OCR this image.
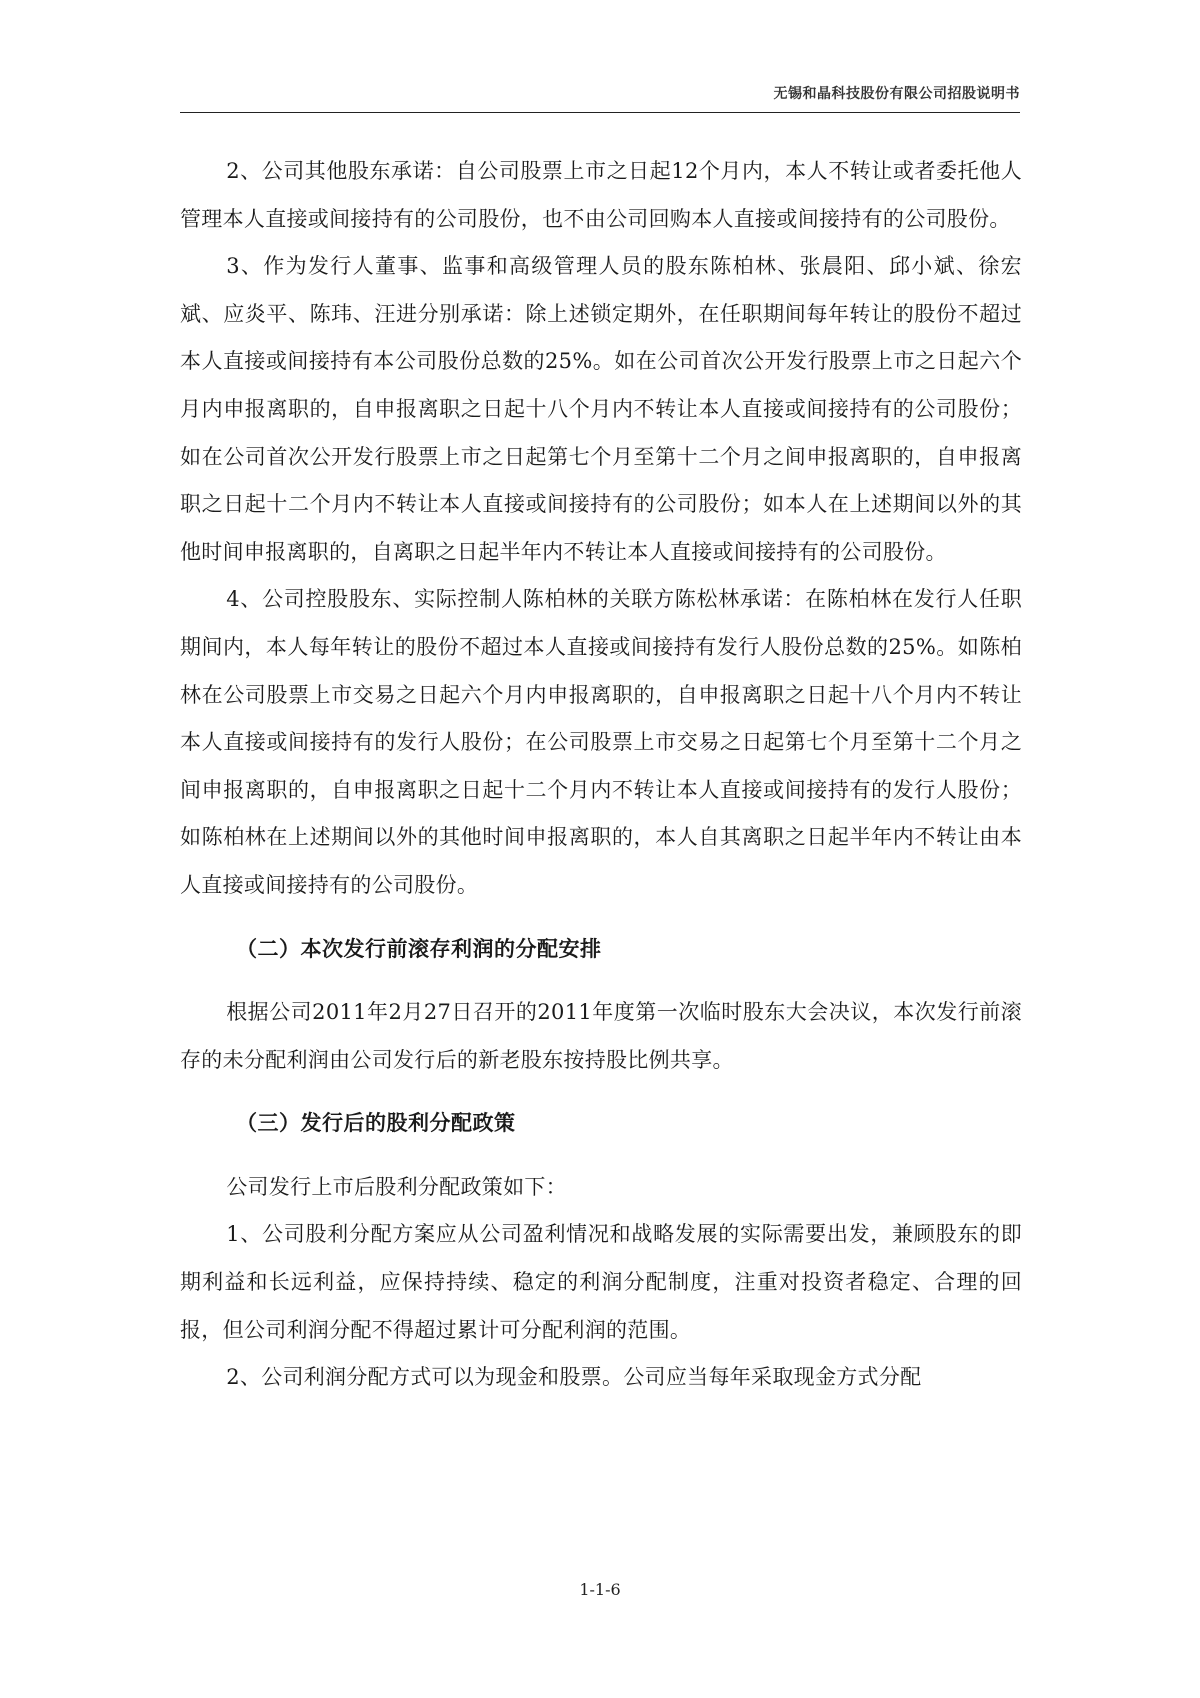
无锡和晶科技股份有限公司招股说明书

2、公司其他股东承诺：自公司股票上市之日起12个月内，本人不转让或者委托他人管理本人直接或间接持有的公司股份，也不由公司回购本人直接或间接持有的公司股份。

3、作为发行人董事、监事和高级管理人员的股东陈柏林、张晨阳、邱小斌、徐宏斌、应炎平、陈玮、汪进分别承诺：除上述锁定期外，在任职期间每年转让的股份不超过本人直接或间接持有本公司股份总数的25%。如在公司首次公开发行股票上市之日起六个月内申报离职的，自申报离职之日起十八个月内不转让本人直接或间接持有的公司股份；如在公司首次公开发行股票上市之日起第七个月至第十二个月之间申报离职的，自申报离职之日起十二个月内不转让本人直接或间接持有的公司股份；如本人在上述期间以外的其他时间申报离职的，自离职之日起半年内不转让本人直接或间接持有的公司股份。

4、公司控股股东、实际控制人陈柏林的关联方陈松林承诺：在陈柏林在发行人任职期间内，本人每年转让的股份不超过本人直接或间接持有发行人股份总数的25%。如陈柏林在公司股票上市交易之日起六个月内申报离职的，自申报离职之日起十八个月内不转让本人直接或间接持有的发行人股份；在公司股票上市交易之日起第七个月至第十二个月之间申报离职的，自申报离职之日起十二个月内不转让本人直接或间接持有的发行人股份；如陈柏林在上述期间以外的其他时间申报离职的，本人自其离职之日起半年内不转让由本人直接或间接持有的公司股份。

（二）本次发行前滚存利润的分配安排

根据公司2011年2月27日召开的2011年度第一次临时股东大会决议，本次发行前滚存的未分配利润由公司发行后的新老股东按持股比例共享。

（三）发行后的股利分配政策

公司发行上市后股利分配政策如下：

1、公司股利分配方案应从公司盈利情况和战略发展的实际需要出发，兼顾股东的即期利益和长远利益，应保持持续、稳定的利润分配制度，注重对投资者稳定、合理的回报，但公司利润分配不得超过累计可分配利润的范围。

2、公司利润分配方式可以为现金和股票。公司应当每年采取现金方式分配

1-1-6
